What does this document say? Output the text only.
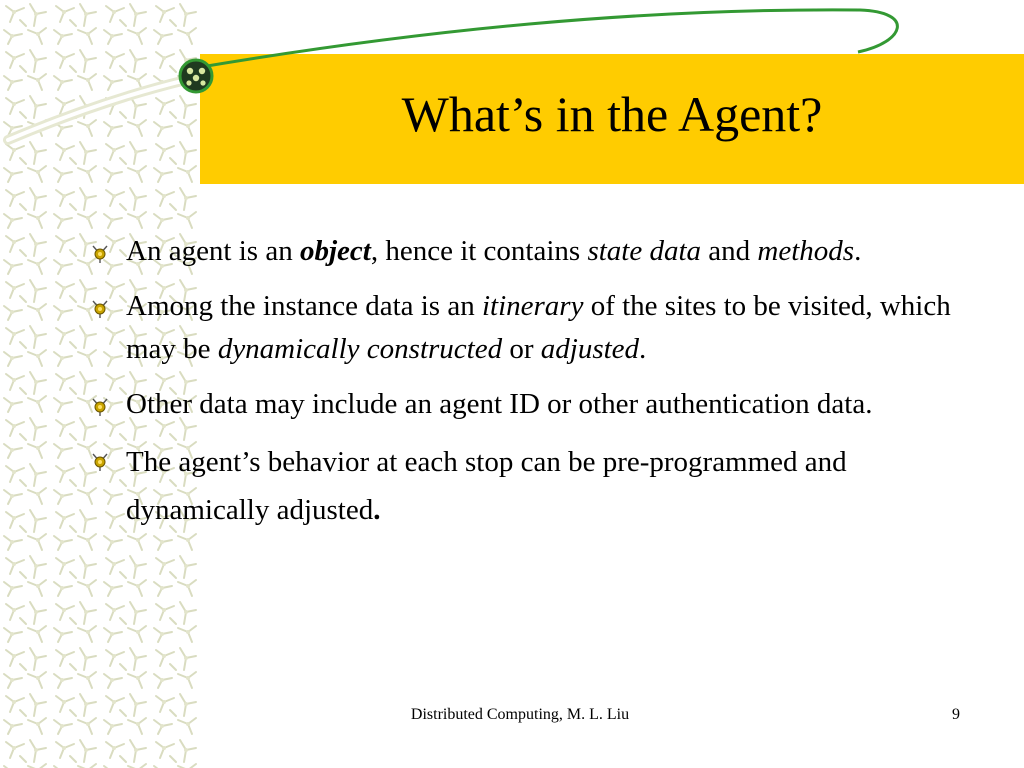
What’s in the Agent?
An agent is an object, hence it contains state data and methods.
Among the instance data is an itinerary of the sites to be visited, which may be dynamically constructed or adjusted.
Other data may include an agent ID or other authentication data.
The agent’s behavior at each stop can be pre-programmed and dynamically adjusted.
Distributed Computing, M. L. Liu	9
